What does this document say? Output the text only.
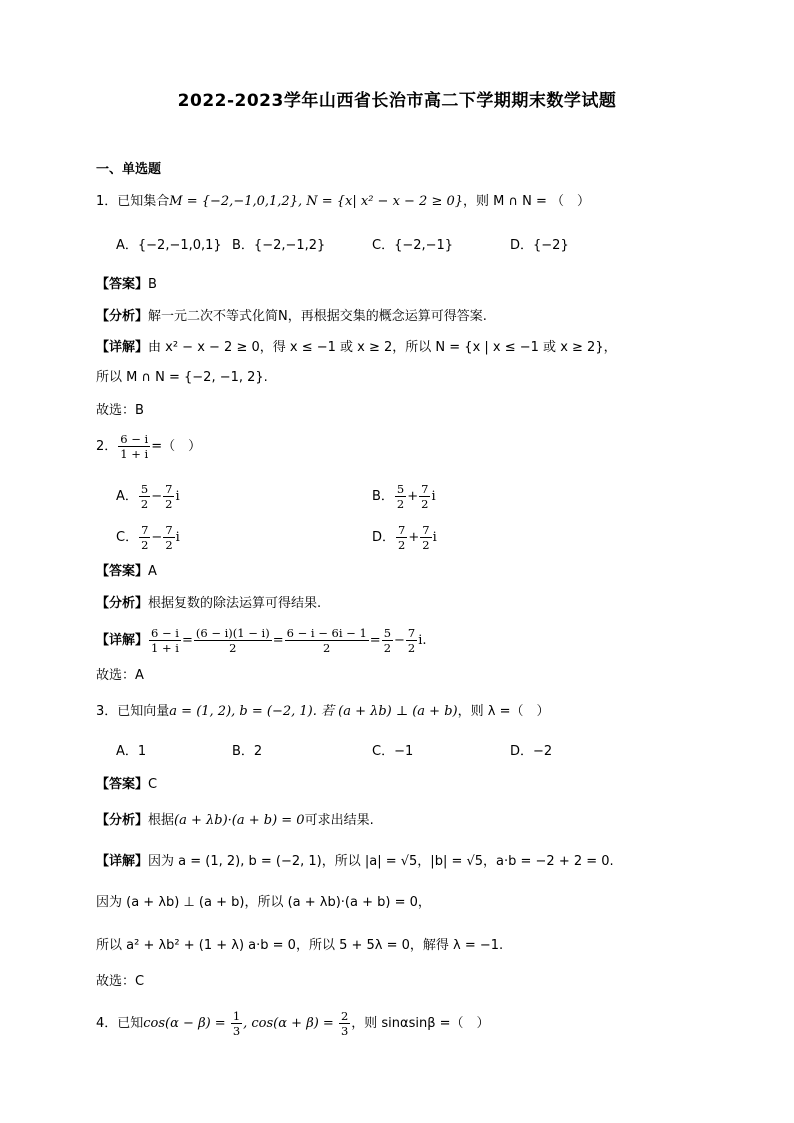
2022-2023学年山西省长治市高二下学期期末数学试题
一、单选题
1．已知集合M = {−2,−1,0,1,2}, N = {x| x² − x − 2 ≥ 0}，则 M ∩ N = （　）
A．{−2,−1,0,1} B．{−2,−1,2}	C．{−2,−1}	D．{−2}
【答案】B
【分析】解一元二次不等式化简N，再根据交集的概念运算可得答案.
【详解】由 x² − x − 2 ≥ 0，得 x ≤ −1 或 x ≥ 2，所以 N = {x | x ≤ −1 或 x ≥ 2}，
所以 M ∩ N = {−2, −1, 2}.
故选：B
2． $\frac{6 - i}{1 + i}$ =（　）
A． $\frac{5}{2} - \frac{7}{2}$ i	B． $\frac{5}{2} + \frac{7}{2}$ i
C． $\frac{7}{2} - \frac{7}{2}$ i	D． $\frac{7}{2} + \frac{7}{2}$ i
【答案】A
【分析】根据复数的除法运算可得结果.
【详解】 $\frac{6 - i}{1 + i} = \frac{(6 - i)(1 - i)}{2} = \frac{6 - i - 6i - 1}{2} = \frac{5}{2} - \frac{7}{2} i$.
故选：A
3．已知向量a = (1, 2), b = (−2, 1). 若 (a + λb) ⊥ (a + b)，则 λ =（　）
A．1	B．2	C．−1	D．−2
【答案】C
【分析】根据(a + λb)·(a + b) = 0可求出结果.
【详解】因为 a = (1, 2), b = (−2, 1)，所以 |a| = √5，|b| = √5，a·b = −2 + 2 = 0.
因为 (a + λb) ⊥ (a + b)，所以 (a + λb)·(a + b) = 0，
所以 a² + λb² + (1 + λ) a·b = 0，所以 5 + 5λ = 0，解得 λ = −1.
故选：C
4．已知$\cos(\alpha - \beta) = \frac{1}{3}$ , $\cos(\alpha + \beta) = \frac{2}{3}$ ，则 sinαsinβ =（　）
